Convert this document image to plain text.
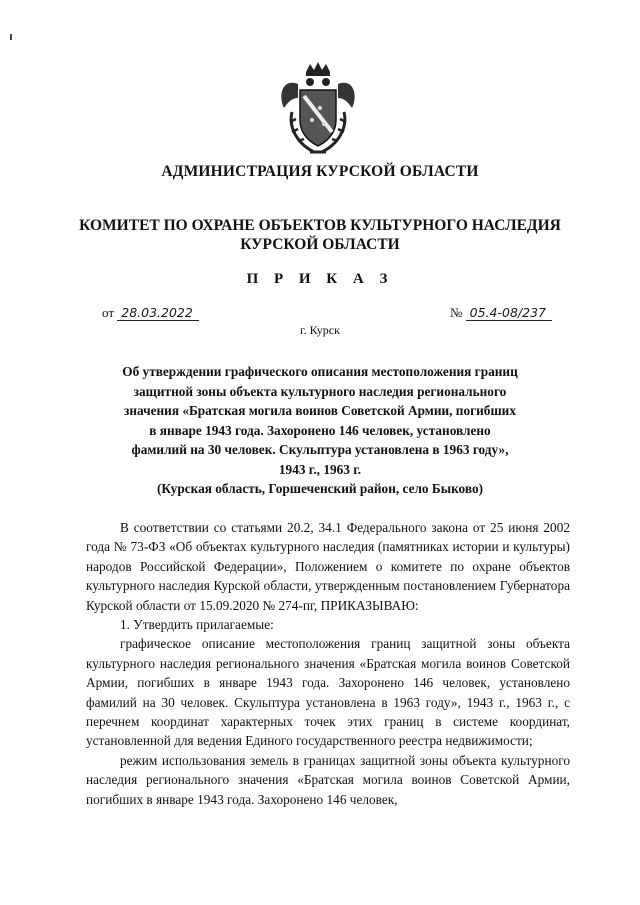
АДМИНИСТРАЦИЯ КУРСКОЙ ОБЛАСТИ
КОМИТЕТ ПО ОХРАНЕ ОБЪЕКТОВ КУЛЬТУРНОГО НАСЛЕДИЯ
КУРСКОЙ ОБЛАСТИ
П Р И К А З
от 28.03.2022	№ 05.4-08/237
г. Курск
Об утверждении графического описания местоположения границ
защитной зоны объекта культурного наследия регионального
значения «Братская могила воинов Советской Армии, погибших
в январе 1943 года. Захоронено 146 человек, установлено
фамилий на 30 человек. Скульптура установлена в 1963 году»,
1943 г., 1963 г.
(Курская область, Горшеченский район, село Быково)

В соответствии со статьями 20.2, 34.1 Федерального закона от 25 июня 2002 года № 73-ФЗ «Об объектах культурного наследия (памятниках истории и культуры) народов Российской Федерации», Положением о комитете по охране объектов культурного наследия Курской области, утвержденным постановлением Губернатора Курской области от 15.09.2020 № 274-пг, ПРИКАЗЫВАЮ:

1. Утвердить прилагаемые:

графическое описание местоположения границ защитной зоны объекта культурного наследия регионального значения «Братская могила воинов Советской Армии, погибших в январе 1943 года. Захоронено 146 человек, установлено фамилий на 30 человек. Скульптура установлена в 1963 году», 1943 г., 1963 г., с перечнем координат характерных точек этих границ в системе координат, установленной для ведения Единого государственного реестра недвижимости;

режим использования земель в границах защитной зоны объекта культурного наследия регионального значения «Братская могила воинов Советской Армии, погибших в январе 1943 года. Захоронено 146 человек,
